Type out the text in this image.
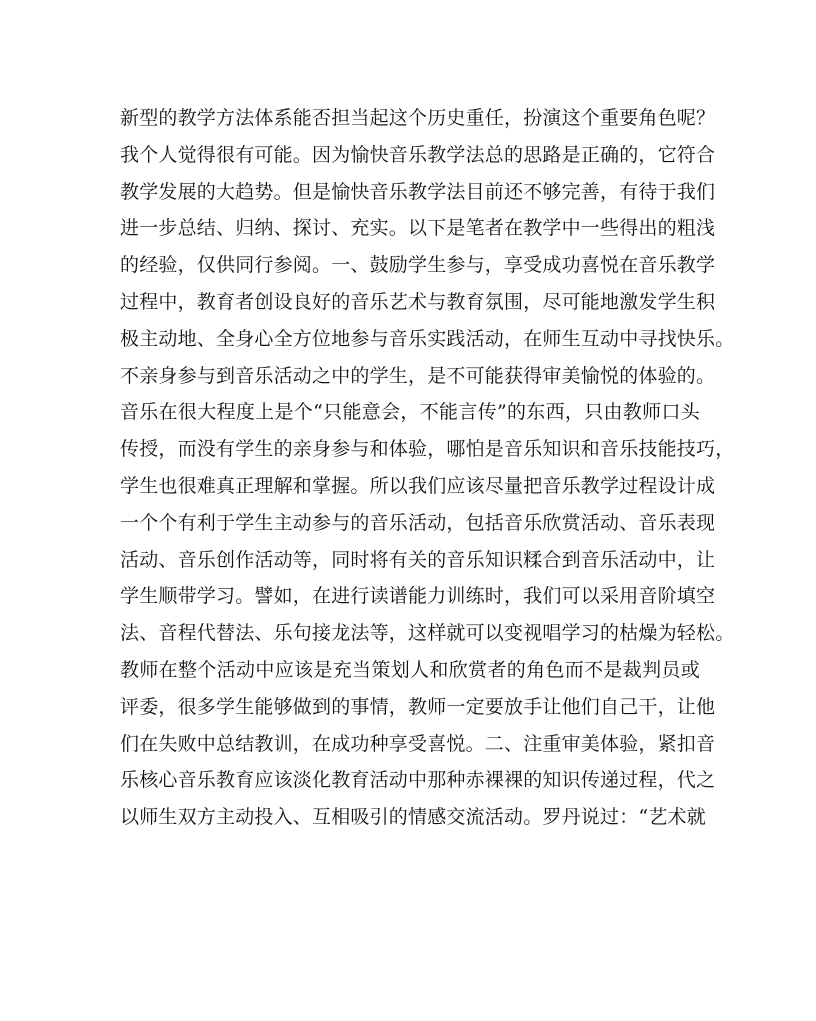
新型的教学方法体系能否担当起这个历史重任，扮演这个重要角色呢？
我个人觉得很有可能。因为愉快音乐教学法总的思路是正确的，它符合
教学发展的大趋势。但是愉快音乐教学法目前还不够完善，有待于我们
进一步总结、归纳、探讨、充实。以下是笔者在教学中一些得出的粗浅
的经验，仅供同行参阅。一、鼓励学生参与，享受成功喜悦在音乐教学
过程中，教育者创设良好的音乐艺术与教育氛围，尽可能地激发学生积
极主动地、全身心全方位地参与音乐实践活动，在师生互动中寻找快乐。
不亲身参与到音乐活动之中的学生，是不可能获得审美愉悦的体验的。
音乐在很大程度上是个“只能意会，不能言传”的东西，只由教师口头
传授，而没有学生的亲身参与和体验，哪怕是音乐知识和音乐技能技巧，
学生也很难真正理解和掌握。所以我们应该尽量把音乐教学过程设计成
一个个有利于学生主动参与的音乐活动，包括音乐欣赏活动、音乐表现
活动、音乐创作活动等，同时将有关的音乐知识糅合到音乐活动中，让
学生顺带学习。譬如，在进行读谱能力训练时，我们可以采用音阶填空
法、音程代替法、乐句接龙法等，这样就可以变视唱学习的枯燥为轻松。
教师在整个活动中应该是充当策划人和欣赏者的角色而不是裁判员或
评委，很多学生能够做到的事情，教师一定要放手让他们自己干，让他
们在失败中总结教训，在成功种享受喜悦。二、注重审美体验，紧扣音
乐核心音乐教育应该淡化教育活动中那种赤裸裸的知识传递过程，代之
以师生双方主动投入、互相吸引的情感交流活动。罗丹说过：“艺术就
